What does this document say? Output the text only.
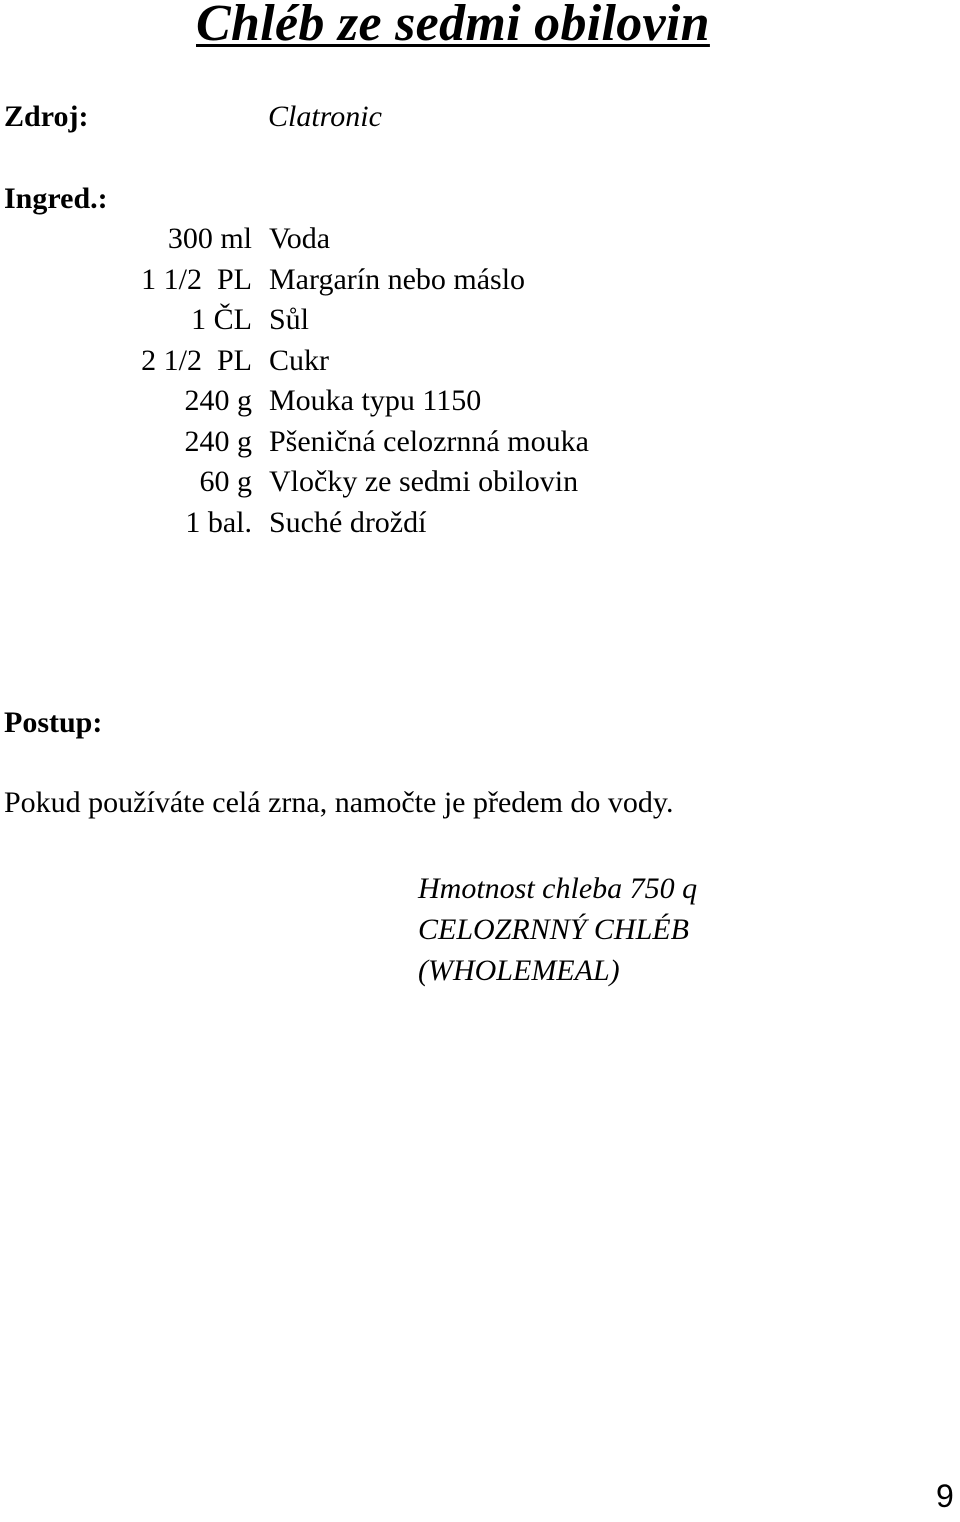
Chléb ze sedmi obilovin
Zdroj:	Clatronic
Ingred.:
300 ml Voda
1 1/2  PL Margarín nebo máslo
1 ČL Sůl
2 1/2  PL Cukr
240 g Mouka typu 1150
240 g Pšeničná celozrnná mouka
60 g Vločky ze sedmi obilovin
1 bal. Suché droždí
Postup:
Pokud používáte celá zrna, namočte je předem do vody.
Hmotnost chleba 750 q
CELOZRNNÝ CHLÉB
(WHOLEMEAL)
9
